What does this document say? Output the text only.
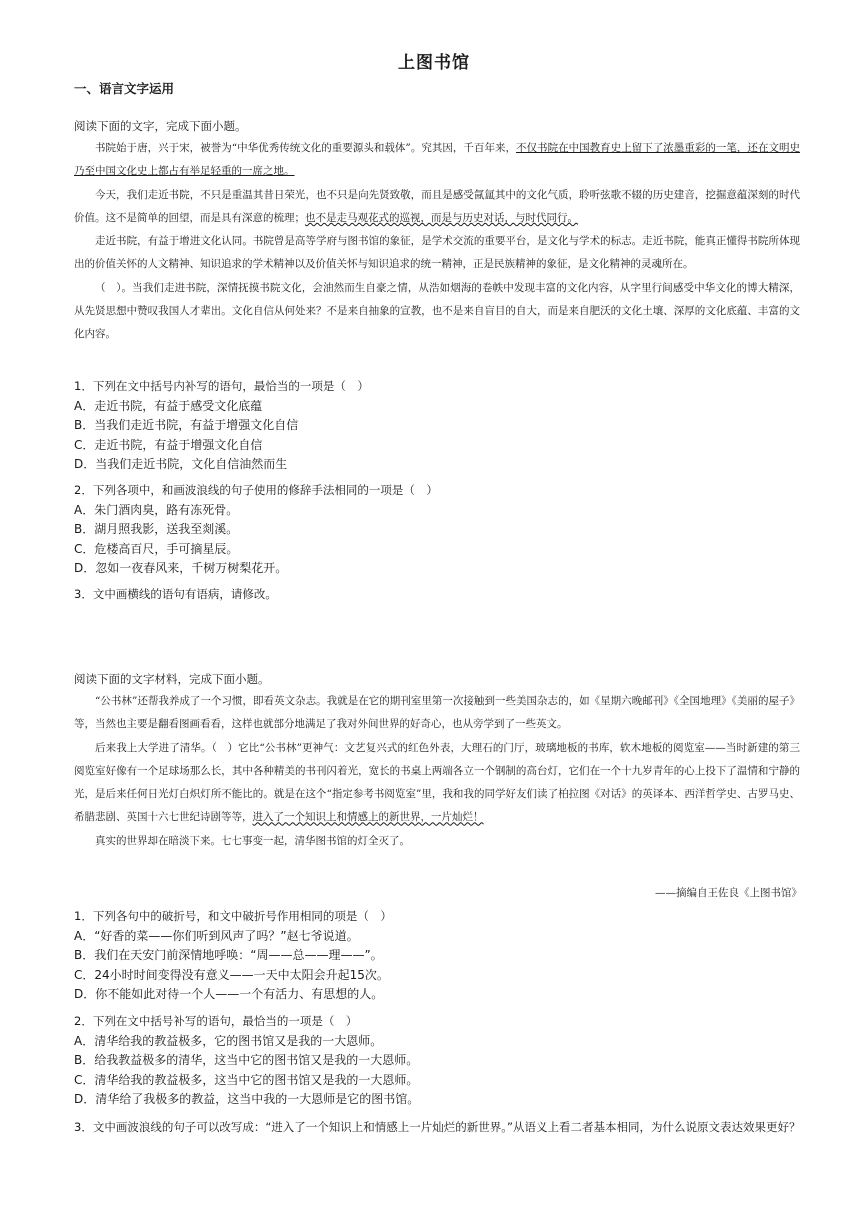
上图书馆
一、语言文字运用
阅读下面的文字，完成下面小题。

书院始于唐，兴于宋，被誉为“中华优秀传统文化的重要源头和载体”。究其因，千百年来，不仅书院在中国教育史上留下了浓墨重彩的一笔，还在文明史乃至中国文化史上都占有举足轻重的一席之地。

今天，我们走近书院，不只是重温其昔日荣光，也不只是向先贤致敬，而且是感受氤氲其中的文化气质，聆听弦歌不辍的历史建音，挖掘意蕴深刻的时代价值。这不是简单的回望，而是具有深意的梳理；也不是走马观花式的巡视，而是与历史对话，与时代同行。

走近书院，有益于增进文化认同。书院曾是高等学府与图书馆的象征，是学术交流的重要平台，是文化与学术的标志。走近书院，能真正懂得书院所体现出的价值关怀的人文精神、知识追求的学术精神以及价值关怀与知识追求的统一精神，正是民族精神的象征，是文化精神的灵魂所在。

（　）。当我们走进书院，深情抚摸书院文化，会油然而生自豪之情，从浩如烟海的卷帙中发现丰富的文化内容，从字里行间感受中华文化的博大精深，从先贤思想中赞叹我国人才辈出。文化自信从何处来？不是来自抽象的宣教，也不是来自盲目的自大，而是来自肥沃的文化土壤、深厚的文化底蕴、丰富的文化内容。

1．下列在文中括号内补写的语句，最恰当的一项是（　）
A．走近书院，有益于感受文化底蕴
B．当我们走近书院，有益于增强文化自信
C．走近书院，有益于增强文化自信
D．当我们走近书院，文化自信油然而生
2．下列各项中，和画波浪线的句子使用的修辞手法相同的一项是（　）
A．朱门酒肉臭，路有冻死骨。
B．湖月照我影，送我至剡溪。
C．危楼高百尺，手可摘星辰。
D．忽如一夜春风来，千树万树梨花开。
3．文中画横线的语句有语病，请修改。
阅读下面的文字材料，完成下面小题。

“公书林”还帮我养成了一个习惯，即看英文杂志。我就是在它的期刊室里第一次接触到一些美国杂志的，如《星期六晚邮刊》《全国地理》《美丽的屋子》等，当然也主要是翻看图画看看，这样也就部分地满足了我对外间世界的好奇心，也从旁学到了一些英文。

后来我上大学进了清华。（　）它比“公书林”更神气：文艺复兴式的红色外表，大理石的门厅，玻璃地板的书库，软木地板的阅览室——当时新建的第三阅览室好像有一个足球场那么长，其中各种精美的书刊闪着光，宽长的书桌上两端各立一个钢制的高台灯，它们在一个十九岁青年的心上投下了温情和宁静的光，是后来任何日光灯白炽灯所不能比的。就是在这个“指定参考书阅览室”里，我和我的同学好友们读了柏拉图《对话》的英译本、西洋哲学史、古罗马史、希腊悲剧、英国十六七世纪诗剧等等，进入了一个知识上和情感上的新世界，一片灿烂！

真实的世界却在暗淡下来。七七事变一起，清华图书馆的灯全灭了。

——摘编自王佐良《上图书馆》
1．下列各句中的破折号，和文中破折号作用相同的项是（　）
A．“好香的菜——你们听到风声了吗？”赵七爷说道。
B．我们在天安门前深情地呼唤：“周——总——理——”。
C．24小时时间变得没有意义——一天中太阳会升起15次。
D．你不能如此对待一个人——一个有活力、有思想的人。
2．下列在文中括号补写的语句，最恰当的一项是（　）
A．清华给我的教益极多，它的图书馆又是我的一大恩师。
B．给我教益极多的清华，这当中它的图书馆又是我的一大恩师。
C．清华给我的教益极多，这当中它的图书馆又是我的一大恩师。
D．清华给了我极多的教益，这当中我的一大恩师是它的图书馆。
3．文中画波浪线的句子可以改写成：“进入了一个知识上和情感上一片灿烂的新世界。”从语义上看二者基本相同，为什么说原文表达效果更好？
